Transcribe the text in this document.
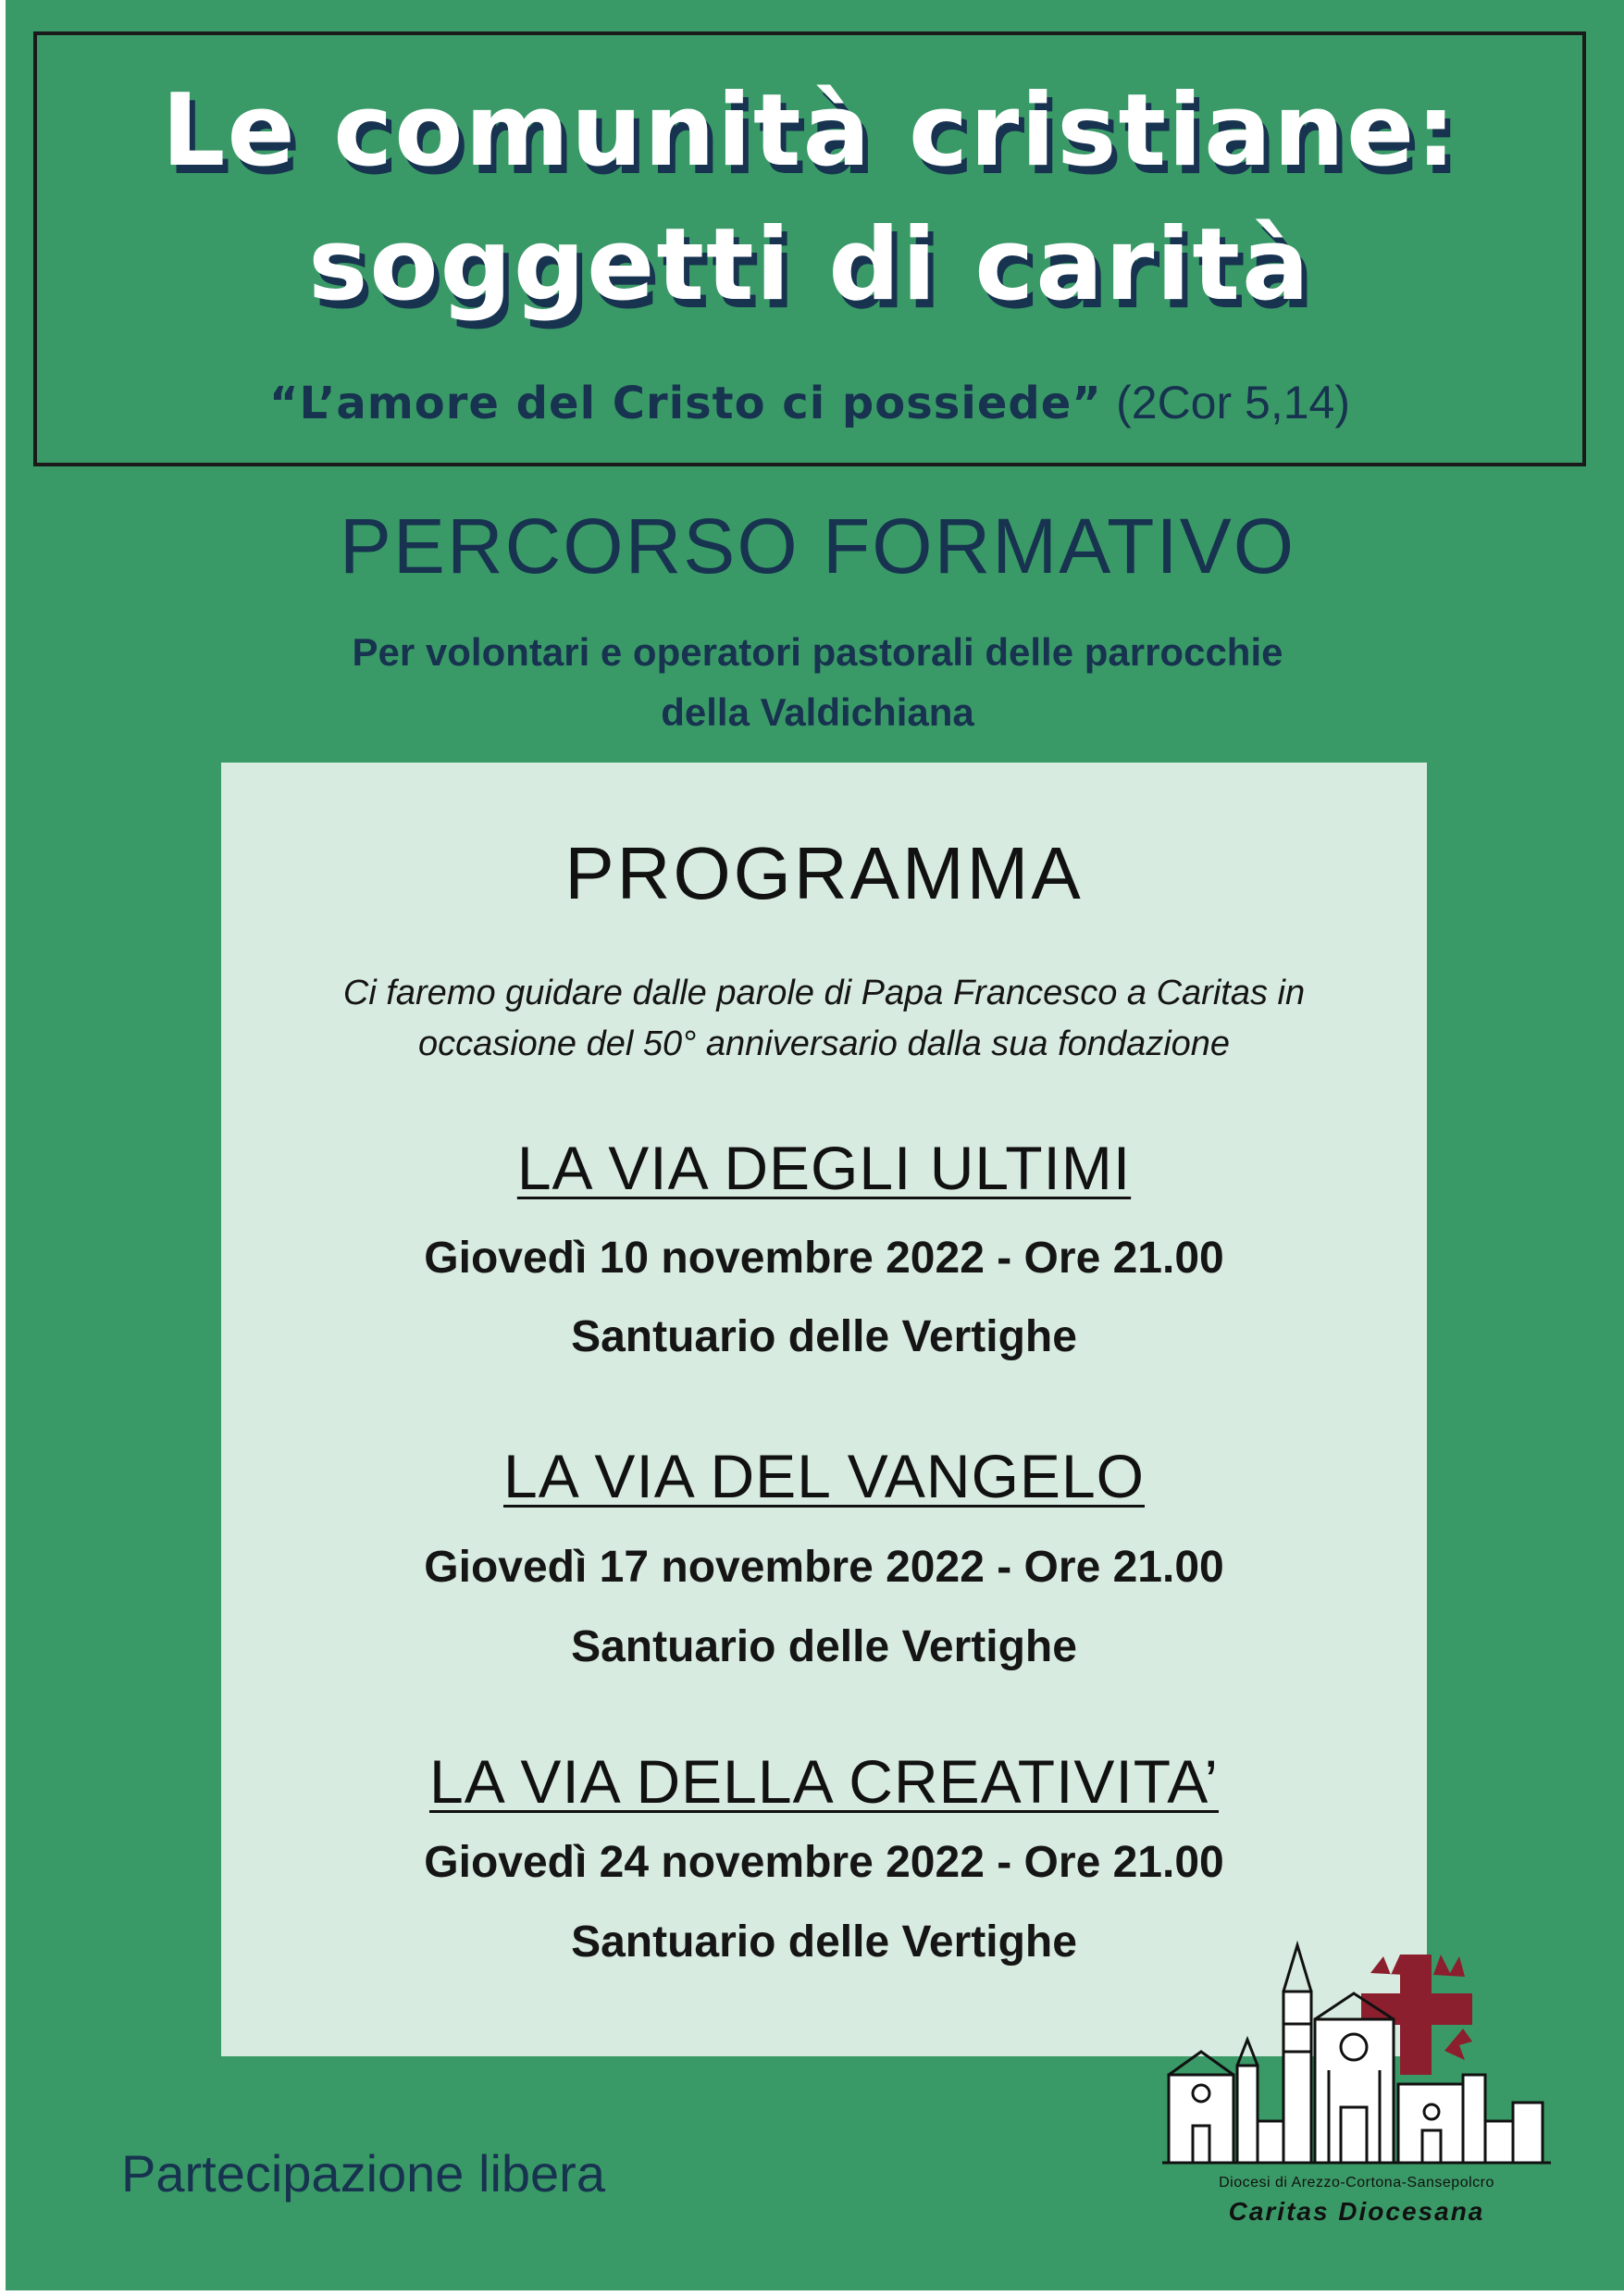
Le comunità cristiane:
soggetti di carità
“L’amore del Cristo ci possiede” (2Cor 5,14)
PERCORSO FORMATIVO
Per volontari e operatori pastorali delle parrocchie
della Valdichiana
PROGRAMMA
Ci faremo guidare dalle parole di Papa Francesco a Caritas in
occasione del 50° anniversario dalla sua fondazione
LA VIA DEGLI ULTIMI
Giovedì 10 novembre 2022 - Ore 21.00
Santuario delle Vertighe
LA VIA DEL VANGELO
Giovedì 17 novembre 2022 - Ore 21.00
Santuario delle Vertighe
LA VIA DELLA CREATIVITA’
Giovedì 24 novembre 2022 - Ore 21.00
Santuario delle Vertighe
Partecipazione libera	Diocesi di Arezzo-Cortona-Sansepolcro
Caritas Diocesana
